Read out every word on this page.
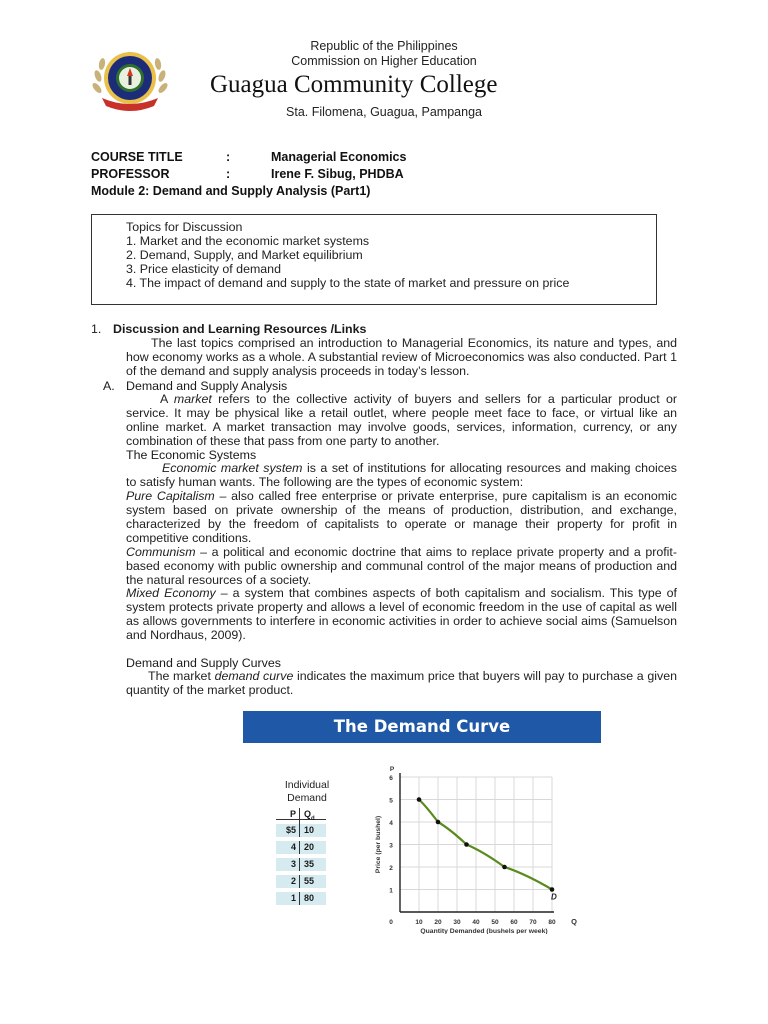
Republic of the Philippines
Commission on Higher Education
Guagua Community College
Sta. Filomena, Guagua, Pampanga
COURSE TITLE	:	Managerial Economics
PROFESSOR	:	Irene F. Sibug, PHDBA
Module 2: Demand and Supply Analysis (Part1)
Topics for Discussion
1. Market and the economic market systems
2. Demand, Supply, and Market equilibrium
3. Price elasticity of demand
4. The impact of demand and supply to the state of market and pressure on price
1. Discussion and Learning Resources /Links
The last topics comprised an introduction to Managerial Economics, its nature and types, and how economy works as a whole. A substantial review of Microeconomics was also conducted. Part 1 of the demand and supply analysis proceeds in today’s lesson.
A. Demand and Supply Analysis
A market refers to the collective activity of buyers and sellers for a particular product or service. It may be physical like a retail outlet, where people meet face to face, or virtual like an online market. A market transaction may involve goods, services, information, currency, or any combination of these that pass from one party to another.
The Economic Systems
Economic market system is a set of institutions for allocating resources and making choices to satisfy human wants. The following are the types of economic system:
Pure Capitalism – also called free enterprise or private enterprise, pure capitalism is an economic system based on private ownership of the means of production, distribution, and exchange, characterized by the freedom of capitalists to operate or manage their property for profit in competitive conditions.
Communism – a political and economic doctrine that aims to replace private property and a profit-based economy with public ownership and communal control of the major means of production and the natural resources of a society.
Mixed Economy – a system that combines aspects of both capitalism and socialism. This type of system protects private property and allows a level of economic freedom in the use of capital as well as allows governments to interfere in economic activities in order to achieve social aims (Samuelson and Nordhaus, 2009).
Demand and Supply Curves
The market demand curve indicates the maximum price that buyers will pay to purchase a given quantity of the market product.
The Demand Curve
Individual
Demand
P $Q_d$
$5 10
4 20
3 35
2 55
1 80
1
2
3
4
5
6
10 20 30 40 50 60 70 80
0
P
Q
Quantity Demanded (bushels per week)
Price (per bushel)
D
